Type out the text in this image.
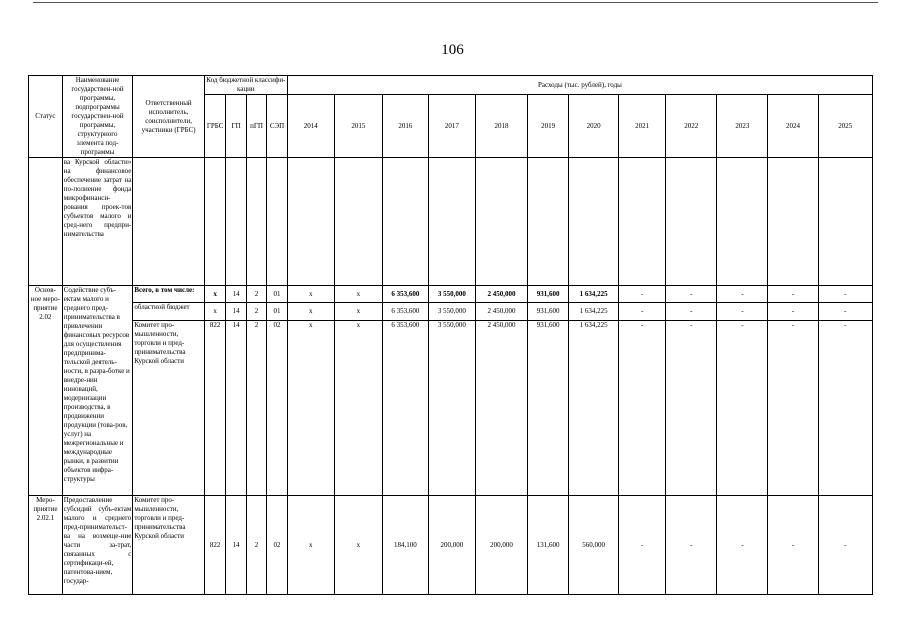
106
Статус	Наименование государствен-ной программы, подпрограммы государствен-ной программы, структурного элемента под-программы	Ответственный исполнитель, соисполнители, участники (ГРБС)	Код бюджетной классифи-кации				Расходы (тыс. рублей), годы											
			ГРБС	ГП	пГП	СЭП	2014	2015	2016	2017	2018	2019	2020	2021	2022	2023	2024	2025
	ва Курской области» на финансовое обеспечение затрат на по-полнение фонда микрофинанси-рования проек-тов субъектов малого и сред-него предпри-нимательства																	
Основ-ное меро-приятие 2.02	Содействие субъ-ектам малого и среднего пред-принимательства в привлечении финансовых ресурсов для осуществления предпринима-тельской деятель-ности, в разра-ботке и внедре-нии инноваций, модернизации производства, в продвижении продукции (това-ров, услуг) на межрегиональные и международные рынки, в развитии объектов инфра-структуры	Всего, в том числе:	x	14	2	01	x	x	6 353,600	3 550,000	2 450,000	931,600	1 634,225	-	-	-	-	-
		областной бюджет	x	14	2	01	x	x	6 353,600	3 550,000	2 450,000	931,600	1 634,225	-	-	-	-	-
		Комитет про-мышленности, торговли и пред-принимательства Курской области	822	14	2	02	x	x	6 353,600	3 550,000	2 450,000	931,600	1 634,225	-	-	-	-	-
Меро-приятие 2.02.1	Предоставление субсидий субъ-ектам малого и среднего пред-принимательст-ва на возмеще-ние части за-трат, связанных с сертификаци-ей, патентова-нием, государ-	Комитет про-мышленности, торговли и пред-принимательства Курской области	822	14	2	02	x	x	184,100	200,000	200,000	131,600	560,000	-	-	-	-	-
